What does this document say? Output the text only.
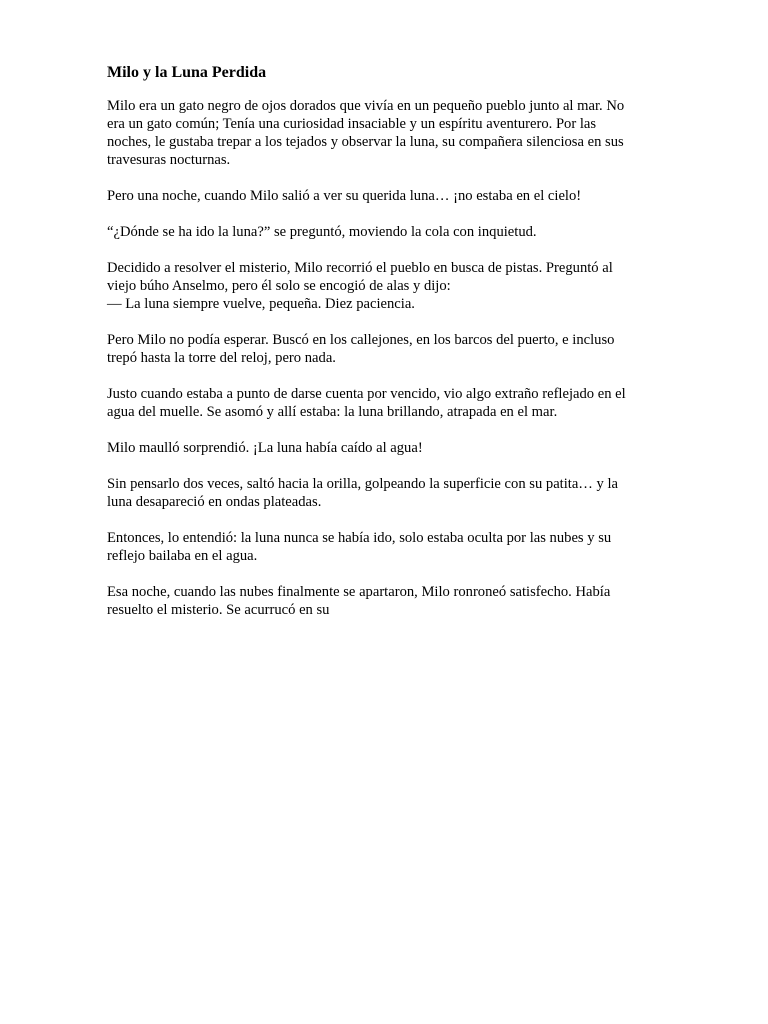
Milo y la Luna Perdida

Milo era un gato negro de ojos dorados que vivía en un pequeño pueblo junto al mar. No
era un gato común; Tenía una curiosidad insaciable y un espíritu aventurero. Por las
noches, le gustaba trepar a los tejados y observar la luna, su compañera silenciosa en sus
travesuras nocturnas.

Pero una noche, cuando Milo salió a ver su querida luna… ¡no estaba en el cielo!

“¿Dónde se ha ido la luna?” se preguntó, moviendo la cola con inquietud.

Decidido a resolver el misterio, Milo recorrió el pueblo en busca de pistas. Preguntó al
viejo búho Anselmo, pero él solo se encogió de alas y dijo:
— La luna siempre vuelve, pequeña. Diez paciencia.

Pero Milo no podía esperar. Buscó en los callejones, en los barcos del puerto, e incluso
trepó hasta la torre del reloj, pero nada.

Justo cuando estaba a punto de darse cuenta por vencido, vio algo extraño reflejado en el
agua del muelle. Se asomó y allí estaba: la luna brillando, atrapada en el mar.

Milo maulló sorprendió. ¡La luna había caído al agua!

Sin pensarlo dos veces, saltó hacia la orilla, golpeando la superficie con su patita… y la
luna desapareció en ondas plateadas.

Entonces, lo entendió: la luna nunca se había ido, solo estaba oculta por las nubes y su
reflejo bailaba en el agua.

Esa noche, cuando las nubes finalmente se apartaron, Milo ronroneó satisfecho. Había
resuelto el misterio. Se acurrucó en su
